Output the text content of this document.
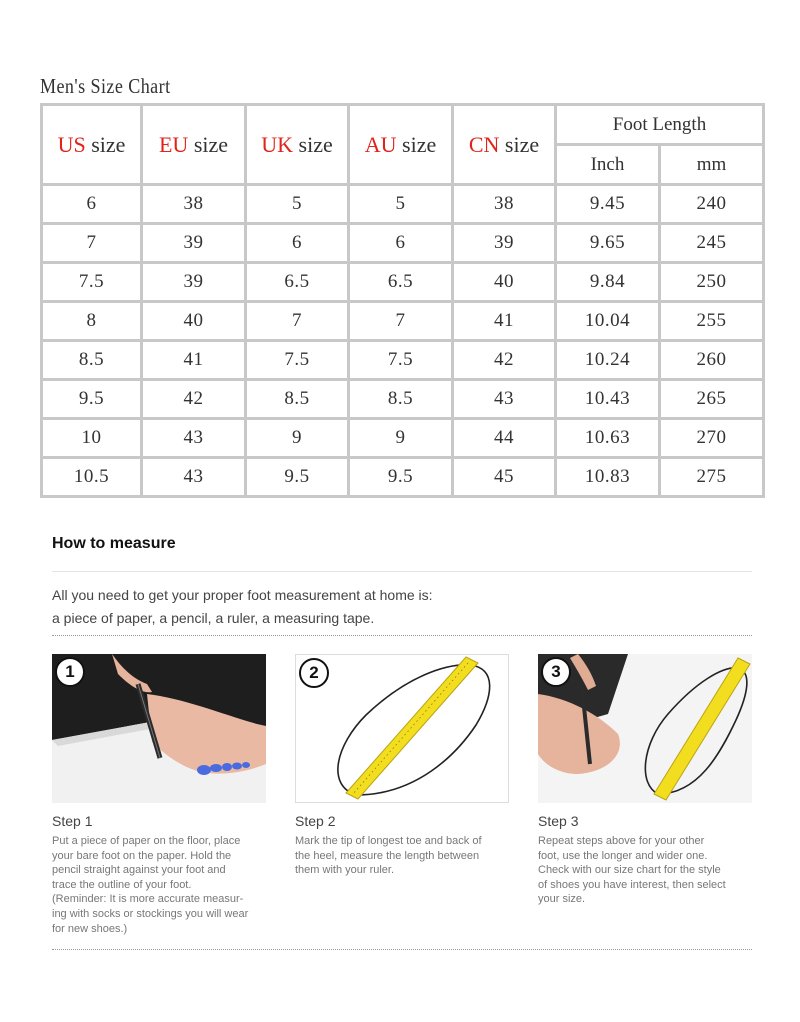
Men's Size Chart
US size	EU size	UK size	AU size	CN size	Foot Length	
					Inch	mm
6	38	5	5	38	9.45	240
7	39	6	6	39	9.65	245
7.5	39	6.5	6.5	40	9.84	250
8	40	7	7	41	10.04	255
8.5	41	7.5	7.5	42	10.24	260
9.5	42	8.5	8.5	43	10.43	265
10	43	9	9	44	10.63	270
10.5	43	9.5	9.5	45	10.83	275
How to measure
All you need to get your proper foot measurement at home is:
a piece of paper, a pencil, a ruler, a measuring tape.
1
Step 1
Put a piece of paper on the floor, place
your bare foot on the paper. Hold the
pencil straight against your foot and
trace the outline of your foot.
(Reminder: It is more accurate measur-
ing with socks or stockings you will wear
for new shoes.)
2
Step 2
Mark the tip of longest toe and back of
the heel, measure the length between
them with your ruler.
3
Step 3
Repeat steps above for your other
foot, use the longer and wider one.
Check with our size chart for the style
of shoes you have interest, then select
your size.
